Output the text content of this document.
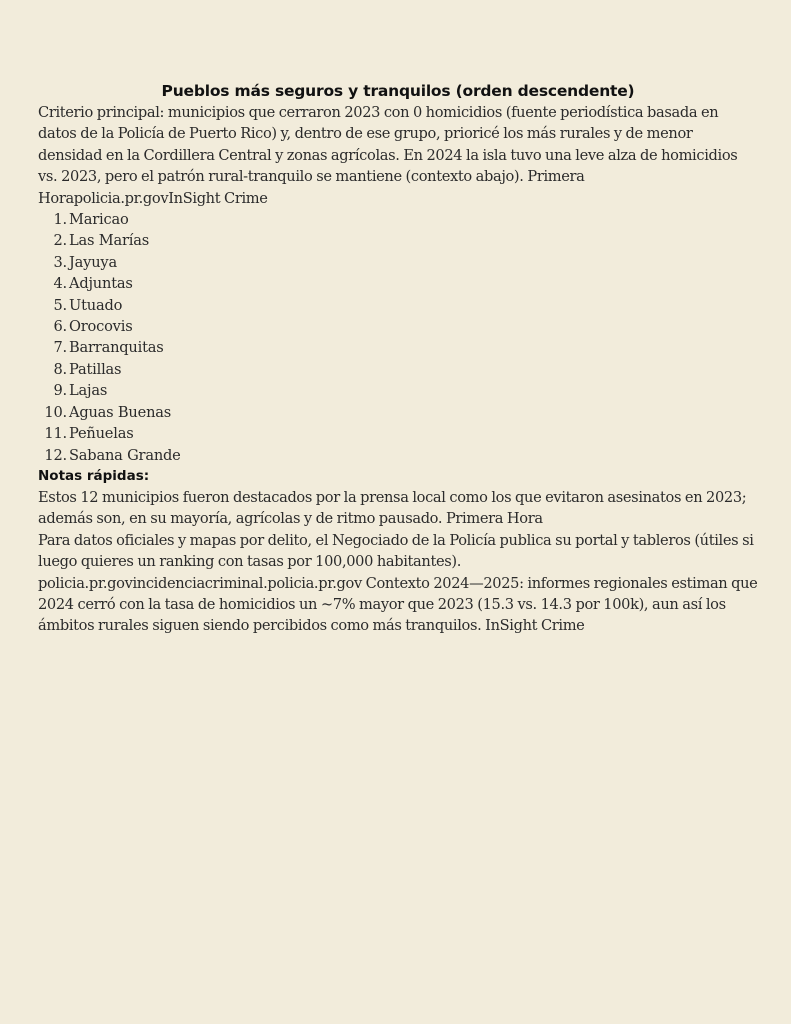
Pueblos más seguros y tranquilos (orden descendente)

Criterio principal: municipios que cerraron 2023 con 0 homicidios (fuente periodística basada en datos de la Policía de Puerto Rico) y, dentro de ese grupo, prioricé los más rurales y de menor densidad en la Cordillera Central y zonas agrícolas. En 2024 la isla tuvo una leve alza de homicidios vs. 2023, pero el patrón rural-tranquilo se mantiene (contexto abajo). Primera Horapolicia.pr.govInSight Crime

1. Maricao
2. Las Marías
3. Jayuya
4. Adjuntas
5. Utuado
6. Orocovis
7. Barranquitas
8. Patillas
9. Lajas
10. Aguas Buenas
11. Peñuelas
12. Sabana Grande
Notas rápidas:

Estos 12 municipios fueron destacados por la prensa local como los que evitaron asesinatos en 2023; además son, en su mayoría, agrícolas y de ritmo pausado. Primera Hora

Para datos oficiales y mapas por delito, el Negociado de la Policía publica su portal y tableros (útiles si luego quieres un ranking con tasas por 100,000 habitantes).

policia.pr.govincidenciacriminal.policia.pr.gov Contexto 2024—2025: informes regionales estiman que 2024 cerró con la tasa de homicidios un ~7% mayor que 2023 (15.3 vs. 14.3 por 100k), aun así los ámbitos rurales siguen siendo percibidos como más tranquilos. InSight Crime
